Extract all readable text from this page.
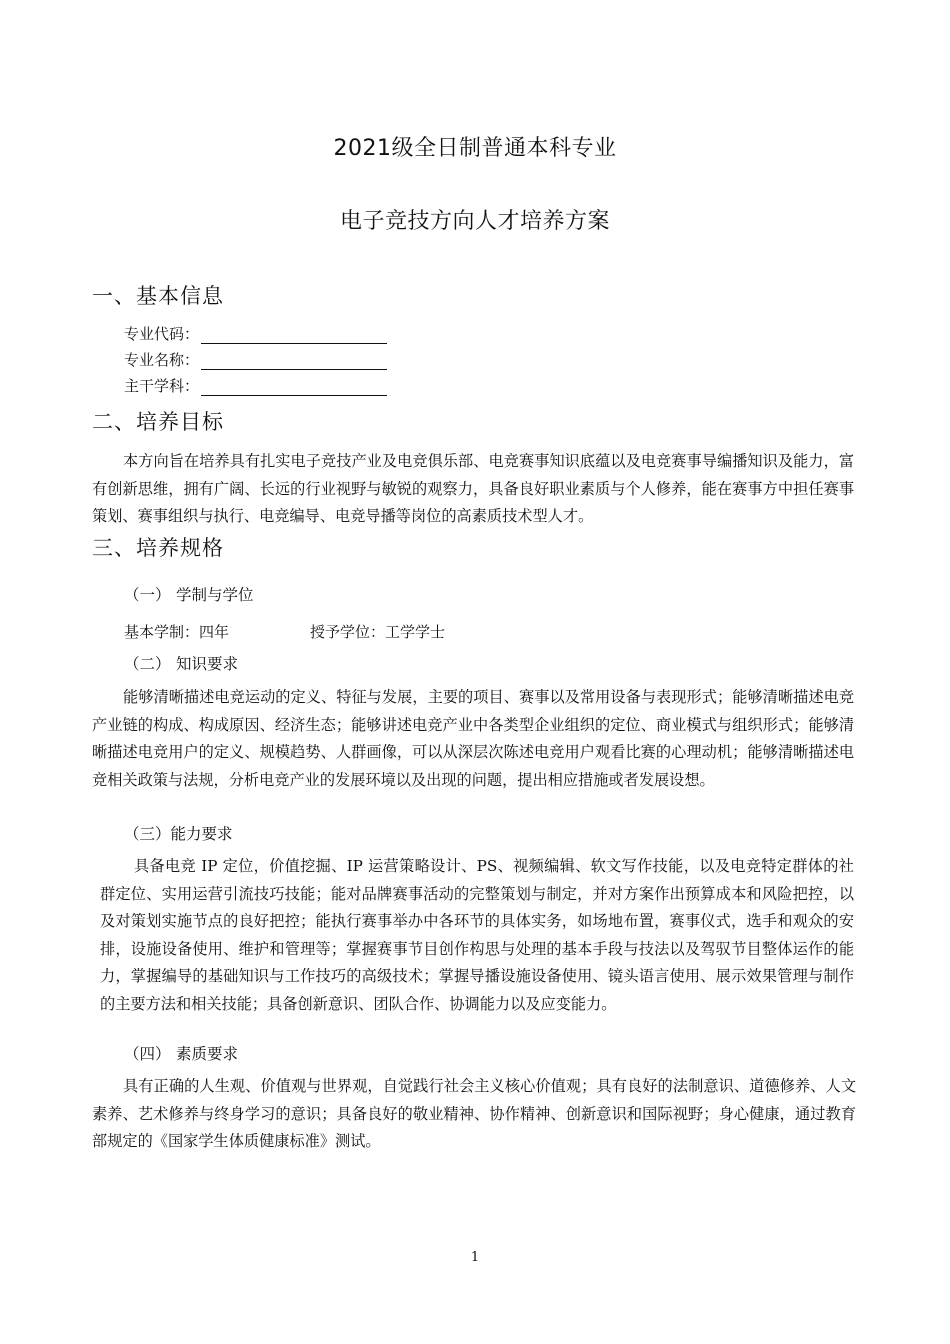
2021级全日制普通本科专业
电子竞技方向人才培养方案
一、基本信息
专业代码：
专业名称：
主干学科：
二、培养目标
本方向旨在培养具有扎实电子竞技产业及电竞俱乐部、电竞赛事知识底蕴以及电竞赛事导编播知识及能力，富有创新思维，拥有广阔、长远的行业视野与敏锐的观察力，具备良好职业素质与个人修养，能在赛事方中担任赛事策划、赛事组织与执行、电竞编导、电竞导播等岗位的高素质技术型人才。
三、培养规格
（一） 学制与学位
基本学制：四年	授予学位：工学学士
（二） 知识要求
能够清晰描述电竞运动的定义、特征与发展，主要的项目、赛事以及常用设备与表现形式；能够清晰描述电竞产业链的构成、构成原因、经济生态；能够讲述电竞产业中各类型企业组织的定位、商业模式与组织形式；能够清晰描述电竞用户的定义、规模趋势、人群画像，可以从深层次陈述电竞用户观看比赛的心理动机；能够清晰描述电竞相关政策与法规，分析电竞产业的发展环境以及出现的问题，提出相应措施或者发展设想。
（三）能力要求
具备电竞 IP 定位，价值挖掘、IP 运营策略设计、PS、视频编辑、软文写作技能，以及电竞特定群体的社群定位、实用运营引流技巧技能；能对品牌赛事活动的完整策划与制定，并对方案作出预算成本和风险把控，以及对策划实施节点的良好把控；能执行赛事举办中各环节的具体实务，如场地布置，赛事仪式，选手和观众的安排，设施设备使用、维护和管理等；掌握赛事节目创作构思与处理的基本手段与技法以及驾驭节目整体运作的能力，掌握编导的基础知识与工作技巧的高级技术；掌握导播设施设备使用、镜头语言使用、展示效果管理与制作的主要方法和相关技能；具备创新意识、团队合作、协调能力以及应变能力。
（四） 素质要求
具有正确的人生观、价值观与世界观，自觉践行社会主义核心价值观；具有良好的法制意识、道德修养、人文素养、艺术修养与终身学习的意识；具备良好的敬业精神、协作精神、创新意识和国际视野；身心健康，通过教育部规定的《国家学生体质健康标准》测试。
1
